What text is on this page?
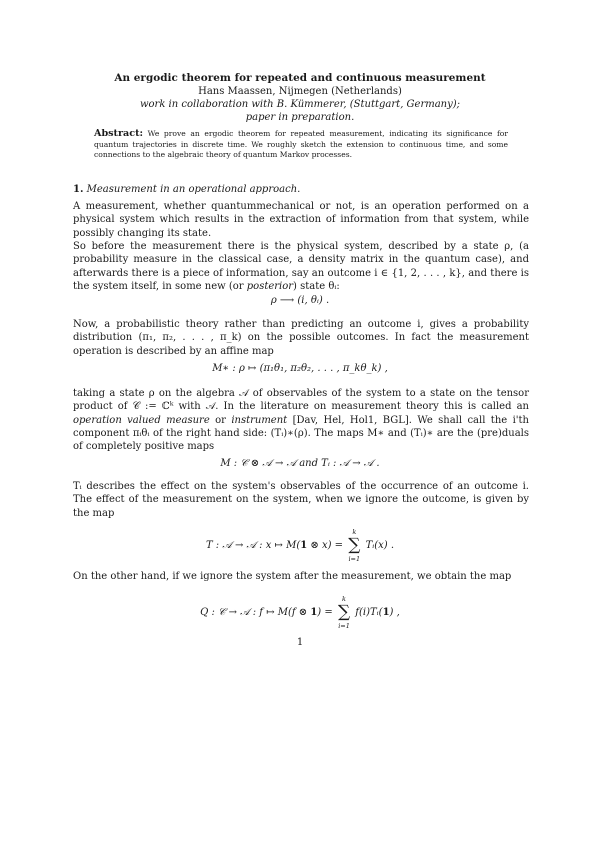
An ergodic theorem for repeated and continuous measurement
Hans Maassen, Nijmegen (Netherlands)
work in collaboration with B. Kümmerer, (Stuttgart, Germany);
paper in preparation.
Abstract: We prove an ergodic theorem for repeated measurement, indicating its significance for quantum trajectories in discrete time. We roughly sketch the extension to continuous time, and some connections to the algebraic theory of quantum Markov processes.
1. Measurement in an operational approach.
A measurement, whether quantummechanical or not, is an operation performed on a physical system which results in the extraction of information from that system, while possibly changing its state.
So before the measurement there is the physical system, described by a state ρ, (a probability measure in the classical case, a density matrix in the quantum case), and afterwards there is a piece of information, say an outcome i ∈ {1, 2, . . . , k}, and there is the system itself, in some new (or posterior) state θᵢ:
ρ ⟶ (i, θᵢ) .
Now, a probabilistic theory rather than predicting an outcome i, gives a probability distribution (π₁, π₂, . . . , π_k) on the possible outcomes. In fact the measurement operation is described by an affine map
M∗ : ρ ↦ (π₁θ₁, π₂θ₂, . . . , π_kθ_k) ,
taking a state ρ on the algebra 𝒜 of observables of the system to a state on the tensor product of 𝒞 := ℂᵏ with 𝒜. In the literature on measurement theory this is called an operation valued measure or instrument [Dav, Hel, Hol1, BGL]. We shall call the i'th component πᵢθᵢ of the right hand side: (Tᵢ)∗(ρ). The maps M∗ and (Tᵢ)∗ are the (pre)duals of completely positive maps
M : 𝒞 ⊗ 𝒜 → 𝒜 and Tᵢ : 𝒜 → 𝒜 .
Tᵢ describes the effect on the system's observables of the occurrence of an outcome i. The effect of the measurement on the system, when we ignore the outcome, is given by the map
T : 𝒜 → 𝒜 : x ↦ M(1 ⊗ x) =
k
∑
i=1
Tᵢ(x) .
On the other hand, if we ignore the system after the measurement, we obtain the map
Q : 𝒞 → 𝒜 : f ↦ M(f ⊗ 1) =
k
∑
i=1
f(i)Tᵢ(1) ,
1
